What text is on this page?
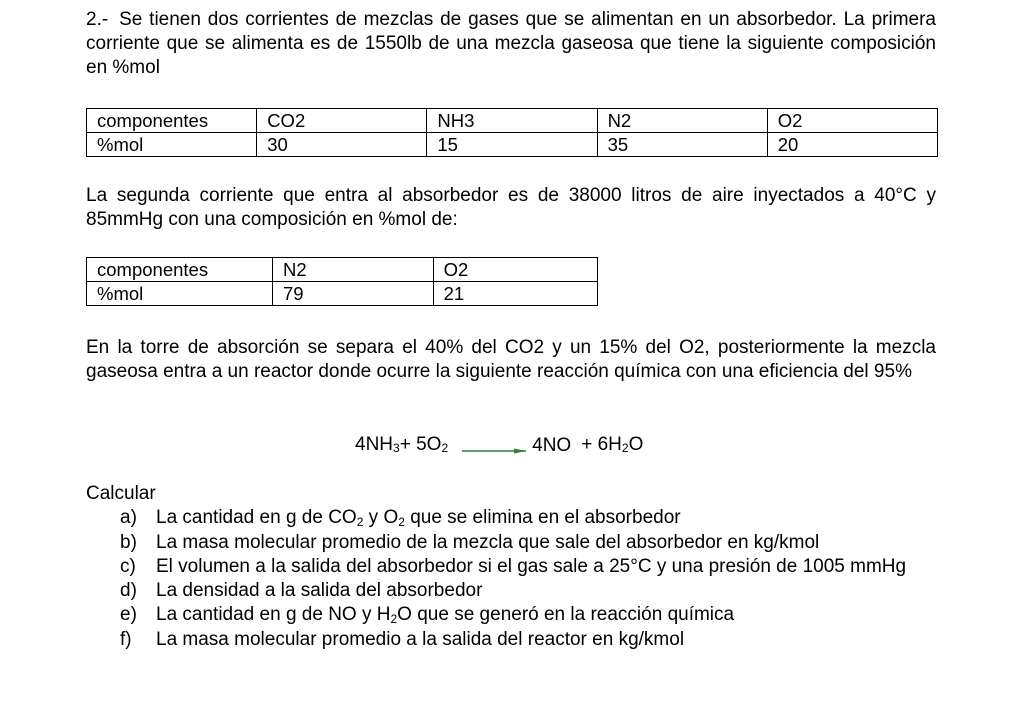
2.- Se tienen dos corrientes de mezclas de gases que se alimentan en un absorbedor. La primera corriente que se alimenta es de 1550lb de una mezcla gaseosa que tiene la siguiente composición en %mol

componentes	CO2	NH3	N2	O2
%mol	30	15	35	20

La segunda corriente que entra al absorbedor es de 38000 litros de aire inyectados a 40°C y 85mmHg con una composición en %mol de:

componentes	N2	O2
%mol	79	21

En la torre de absorción se separa el 40% del CO2 y un 15% del O2, posteriormente la mezcla gaseosa entra a un reactor donde ocurre la siguiente reacción química con una eficiencia del 95%

$4NH_3 + 5O_2 \to 4NO + 6H_2O$

Calcular

a)	La cantidad en g de $CO_2$ y $O_2$ que se elimina en el absorbedor
b)	La masa molecular promedio de la mezcla que sale del absorbedor en kg/kmol
c)	El volumen a la salida del absorbedor si el gas sale a 25°C y una presión de 1005 mmHg
d)	La densidad a la salida del absorbedor
e)	La cantidad en g de NO y $H_2O$ que se generó en la reacción química
f)	La masa molecular promedio a la salida del reactor en kg/kmol
